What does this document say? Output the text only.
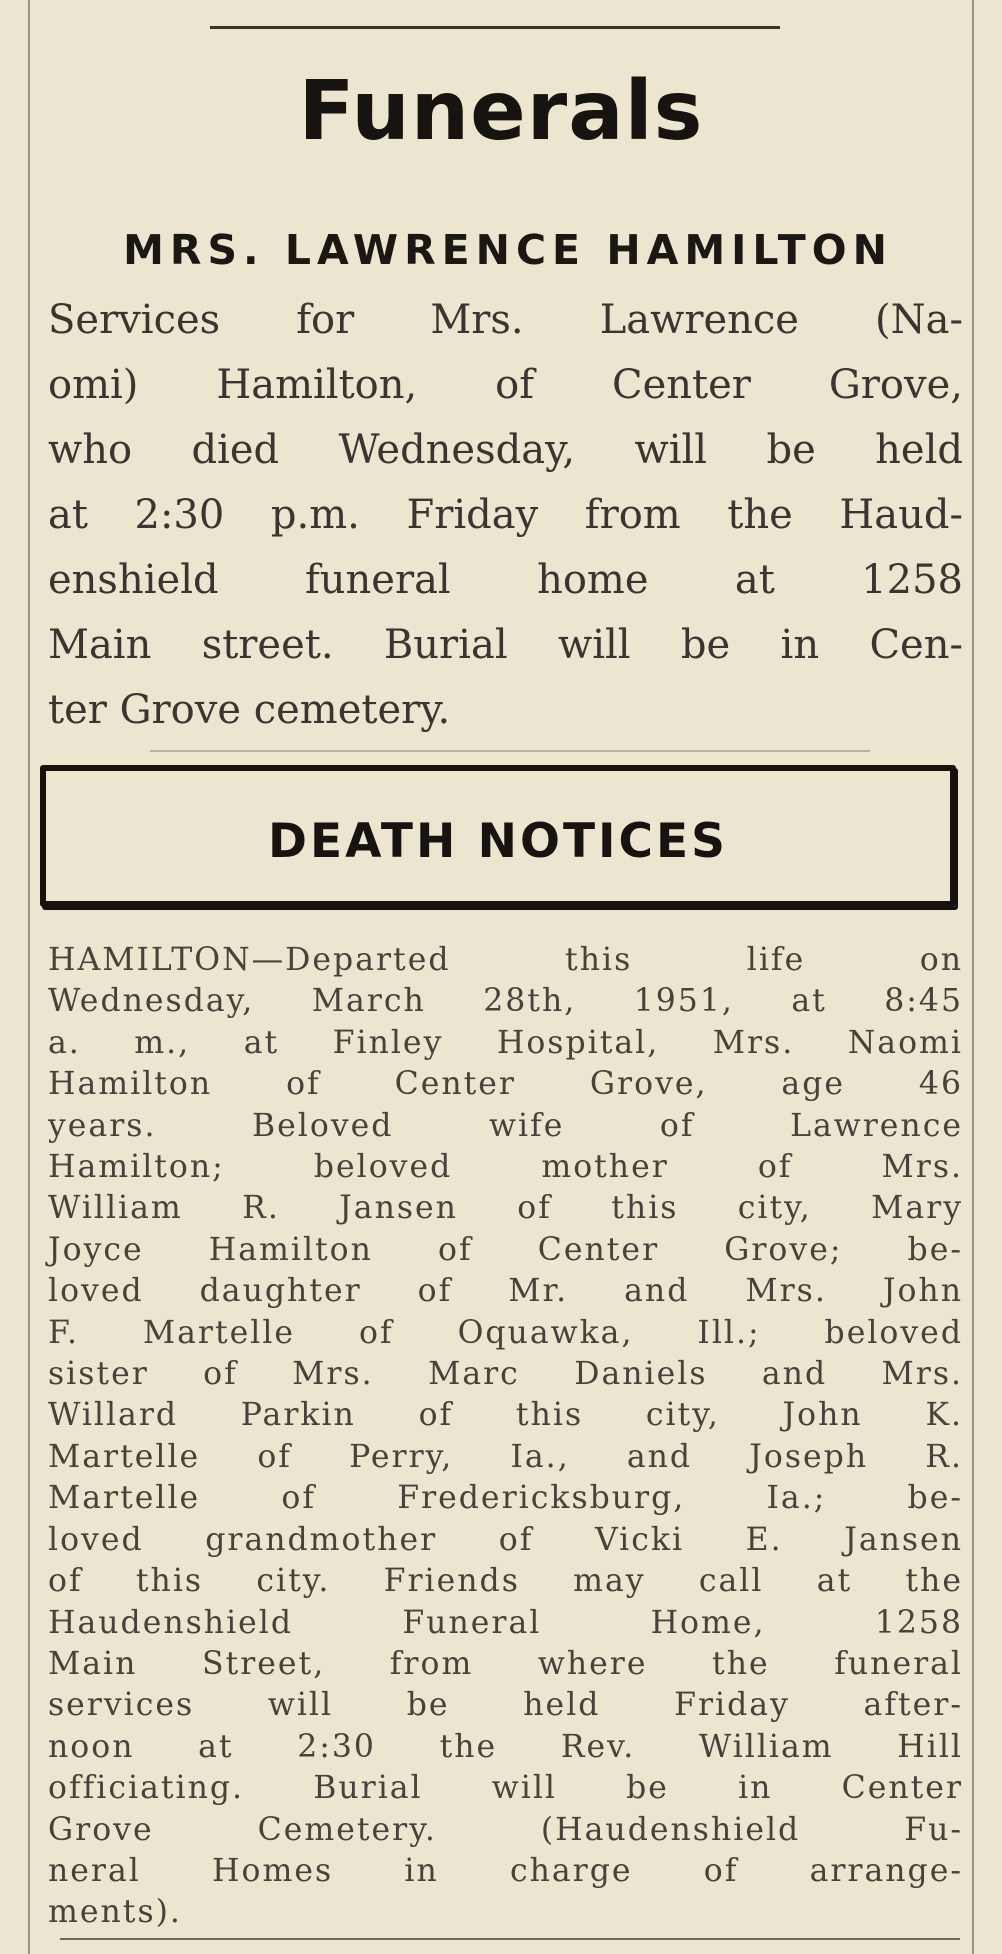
Funerals
MRS. LAWRENCE HAMILTON
Services for Mrs. Lawrence (Na-
omi) Hamilton, of Center Grove,
who died Wednesday, will be held
at 2:30 p.m. Friday from the Haud-
enshield funeral home at 1258
Main street. Burial will be in Cen-
ter Grove cemetery.
DEATH NOTICES
HAMILTON—Departed this life on
Wednesday, March 28th, 1951, at 8:45
a. m., at Finley Hospital, Mrs. Naomi
Hamilton of Center Grove, age 46
years. Beloved wife of Lawrence
Hamilton; beloved mother of Mrs.
William R. Jansen of this city, Mary
Joyce Hamilton of Center Grove; be-
loved daughter of Mr. and Mrs. John
F. Martelle of Oquawka, Ill.; beloved
sister of Mrs. Marc Daniels and Mrs.
Willard Parkin of this city, John K.
Martelle of Perry, Ia., and Joseph R.
Martelle of Fredericksburg, Ia.; be-
loved grandmother of Vicki E. Jansen
of this city. Friends may call at the
Haudenshield Funeral Home, 1258
Main Street, from where the funeral
services will be held Friday after-
noon at 2:30 the Rev. William Hill
officiating. Burial will be in Center
Grove Cemetery. (Haudenshield Fu-
neral Homes in charge of arrange-
ments).
